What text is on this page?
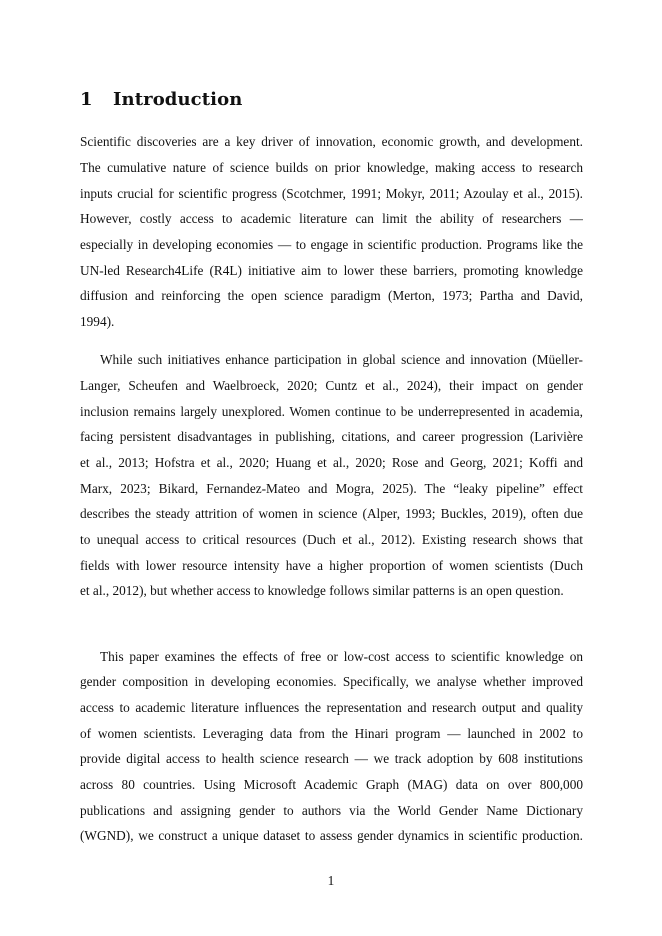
1 Introduction
Scientific discoveries are a key driver of innovation, economic growth, and development.
The cumulative nature of science builds on prior knowledge, making access to research
inputs crucial for scientific progress (Scotchmer, 1991; Mokyr, 2011; Azoulay et al., 2015).
However, costly access to academic literature can limit the ability of researchers —
especially in developing economies — to engage in scientific production. Programs like the
UN-led Research4Life (R4L) initiative aim to lower these barriers, promoting knowledge
diffusion and reinforcing the open science paradigm (Merton, 1973; Partha and David,
1994).
While such initiatives enhance participation in global science and innovation (Müeller-
Langer, Scheufen and Waelbroeck, 2020; Cuntz et al., 2024), their impact on gender
inclusion remains largely unexplored. Women continue to be underrepresented in academia,
facing persistent disadvantages in publishing, citations, and career progression (Larivière
et al., 2013; Hofstra et al., 2020; Huang et al., 2020; Rose and Georg, 2021; Koffi and
Marx, 2023; Bikard, Fernandez-Mateo and Mogra, 2025). The “leaky pipeline” effect
describes the steady attrition of women in science (Alper, 1993; Buckles, 2019), often due
to unequal access to critical resources (Duch et al., 2012). Existing research shows that
fields with lower resource intensity have a higher proportion of women scientists (Duch
et al., 2012), but whether access to knowledge follows similar patterns is an open question.
This paper examines the effects of free or low-cost access to scientific knowledge on
gender composition in developing economies. Specifically, we analyse whether improved
access to academic literature influences the representation and research output and quality
of women scientists. Leveraging data from the Hinari program — launched in 2002 to
provide digital access to health science research — we track adoption by 608 institutions
across 80 countries. Using Microsoft Academic Graph (MAG) data on over 800,000
publications and assigning gender to authors via the World Gender Name Dictionary
(WGND), we construct a unique dataset to assess gender dynamics in scientific production.
1
